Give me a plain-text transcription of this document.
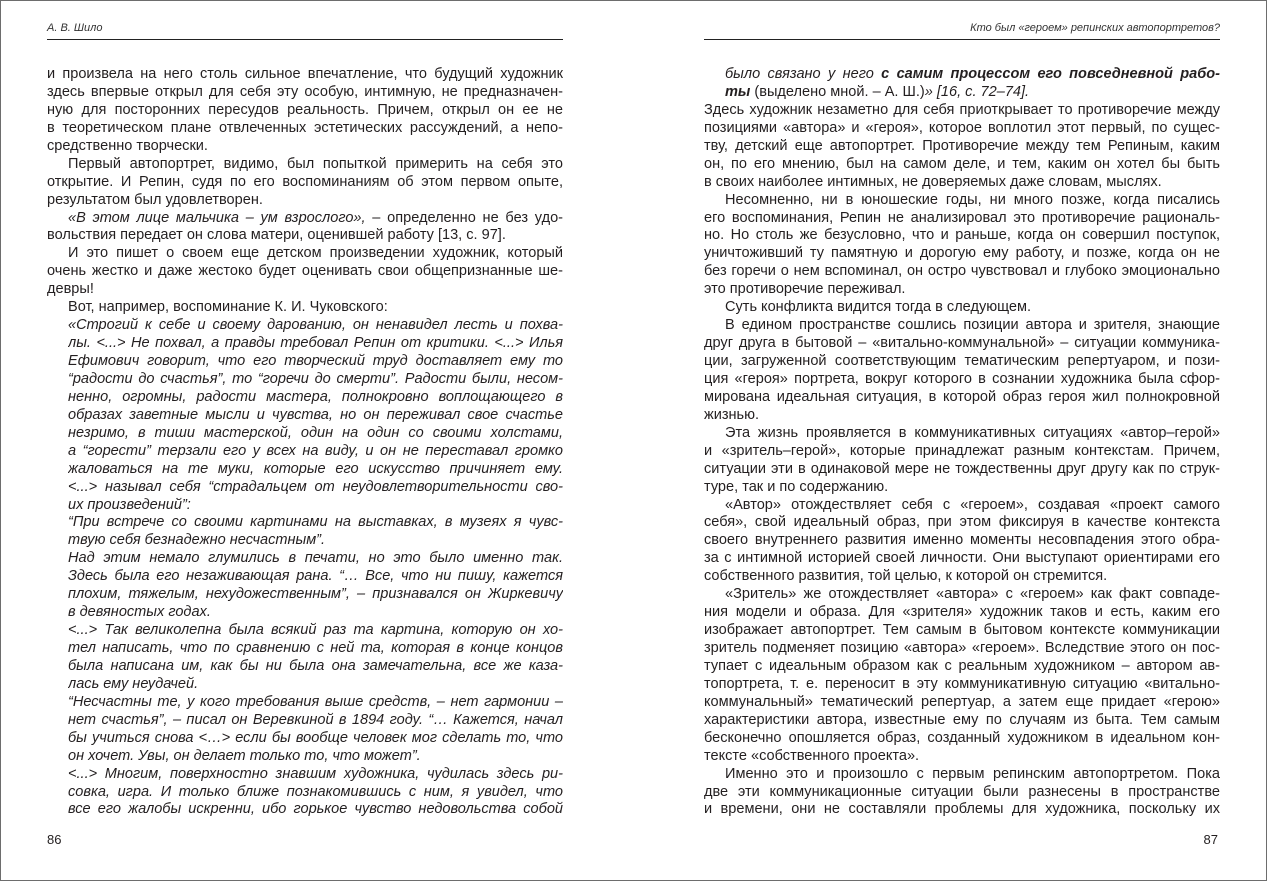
А. В. Шило
и произвела на него столь сильное впечатление, что будущий художник
здесь впервые открыл для себя эту особую, интимную, не предназначен-
ную для посторонних пересудов реальность. Причем, открыл он ее не
в теоретическом плане отвлеченных эстетических рассуждений, а непо-
средственно творчески.
Первый автопортрет, видимо, был попыткой примерить на себя это
открытие. И Репин, судя по его воспоминаниям об этом первом опыте,
результатом был удовлетворен.
«В этом лице мальчика – ум взрослого», – определенно не без удо-
вольствия передает он слова матери, оценившей работу [13, с. 97].
И это пишет о своем еще детском произведении художник, который
очень жестко и даже жестоко будет оценивать свои общепризнанные ше-
девры!
Вот, например, воспоминание К. И. Чуковского:
«Строгий к себе и своему дарованию, он ненавидел лесть и похва-
лы. <...> Не похвал, а правды требовал Репин от критики. <...> Илья
Ефимович говорит, что его творческий труд доставляет ему то
“радости до счастья”, то “горечи до смерти”. Радости были, несом-
ненно, огромны, радости мастера, полнокровно воплощающего в
образах заветные мысли и чувства, но он переживал свое счастье
незримо, в тиши мастерской, один на один со своими холстами,
а “горести” терзали его у всех на виду, и он не переставал громко
жаловаться на те муки, которые его искусство причиняет ему.
<...> называл себя “страдальцем от неудовлетворительности сво-
их произведений”:
“При встрече со своими картинами на выставках, в музеях я чувс-
твую себя безнадежно несчастным”.
Над этим немало глумились в печати, но это было именно так.
Здесь была его незаживающая рана. “… Все, что ни пишу, кажется
плохим, тяжелым, нехудожественным”, – признавался он Жиркевичу
в девяностых годах.
<...> Так великолепна была всякий раз та картина, которую он хо-
тел написать, что по сравнению с ней та, которая в конце концов
была написана им, как бы ни была она замечательна, все же каза-
лась ему неудачей.
“Несчастны те, у кого требования выше средств, – нет гармонии –
нет счастья”, – писал он Веревкиной в 1894 году. “… Кажется, начал
бы учиться снова <…> если бы вообще человек мог сделать то, что
он хочет. Увы, он делает только то, что может”.
<...> Многим, поверхностно знавшим художника, чудилась здесь ри-
совка, игра. И только ближе познакомившись с ним, я увидел, что
все его жалобы искренни, ибо горькое чувство недовольства собой
86
Кто был «героем» репинских автопортретов?
было связано у него с самим процессом его повседневной рабо-
ты (выделено мной. – А. Ш.)» [16, с. 72–74].
Здесь художник незаметно для себя приоткрывает то противоречие между
позициями «автора» и «героя», которое воплотил этот первый, по сущес-
тву, детский еще автопортрет. Противоречие между тем Репиным, каким
он, по его мнению, был на самом деле, и тем, каким он хотел бы быть
в своих наиболее интимных, не доверяемых даже словам, мыслях.
Несомненно, ни в юношеские годы, ни много позже, когда писались
его воспоминания, Репин не анализировал это противоречие рациональ-
но. Но столь же безусловно, что и раньше, когда он совершил поступок,
уничтоживший ту памятную и дорогую ему работу, и позже, когда он не
без горечи о нем вспоминал, он остро чувствовал и глубоко эмоционально
это противоречие переживал.
Суть конфликта видится тогда в следующем.
В едином пространстве сошлись позиции автора и зрителя, знающие
друг друга в бытовой – «витально-коммунальной» – ситуации коммуника-
ции, загруженной соответствующим тематическим репертуаром, и пози-
ция «героя» портрета, вокруг которого в сознании художника была сфор-
мирована идеальная ситуация, в которой образ героя жил полнокровной
жизнью.
Эта жизнь проявляется в коммуникативных ситуациях «автор–герой»
и «зритель–герой», которые принадлежат разным контекстам. Причем,
ситуации эти в одинаковой мере не тождественны друг другу как по струк-
туре, так и по содержанию.
«Автор» отождествляет себя с «героем», создавая «проект самого
себя», свой идеальный образ, при этом фиксируя в качестве контекста
своего внутреннего развития именно моменты несовпадения этого обра-
за с интимной историей своей личности. Они выступают ориентирами его
собственного развития, той целью, к которой он стремится.
«Зритель» же отождествляет «автора» с «героем» как факт совпаде-
ния модели и образа. Для «зрителя» художник таков и есть, каким его
изображает автопортрет. Тем самым в бытовом контексте коммуникации
зритель подменяет позицию «автора» «героем». Вследствие этого он пос-
тупает с идеальным образом как с реальным художником – автором ав-
топортрета, т. е. переносит в эту коммуникативную ситуацию «витально-
коммунальный» тематический репертуар, а затем еще придает «герою»
характеристики автора, известные ему по случаям из быта. Тем самым
бесконечно опошляется образ, созданный художником в идеальном кон-
тексте «собственного проекта».
Именно это и произошло с первым репинским автопортретом. Пока
две эти коммуникационные ситуации были разнесены в пространстве
и времени, они не составляли проблемы для художника, поскольку их
87
